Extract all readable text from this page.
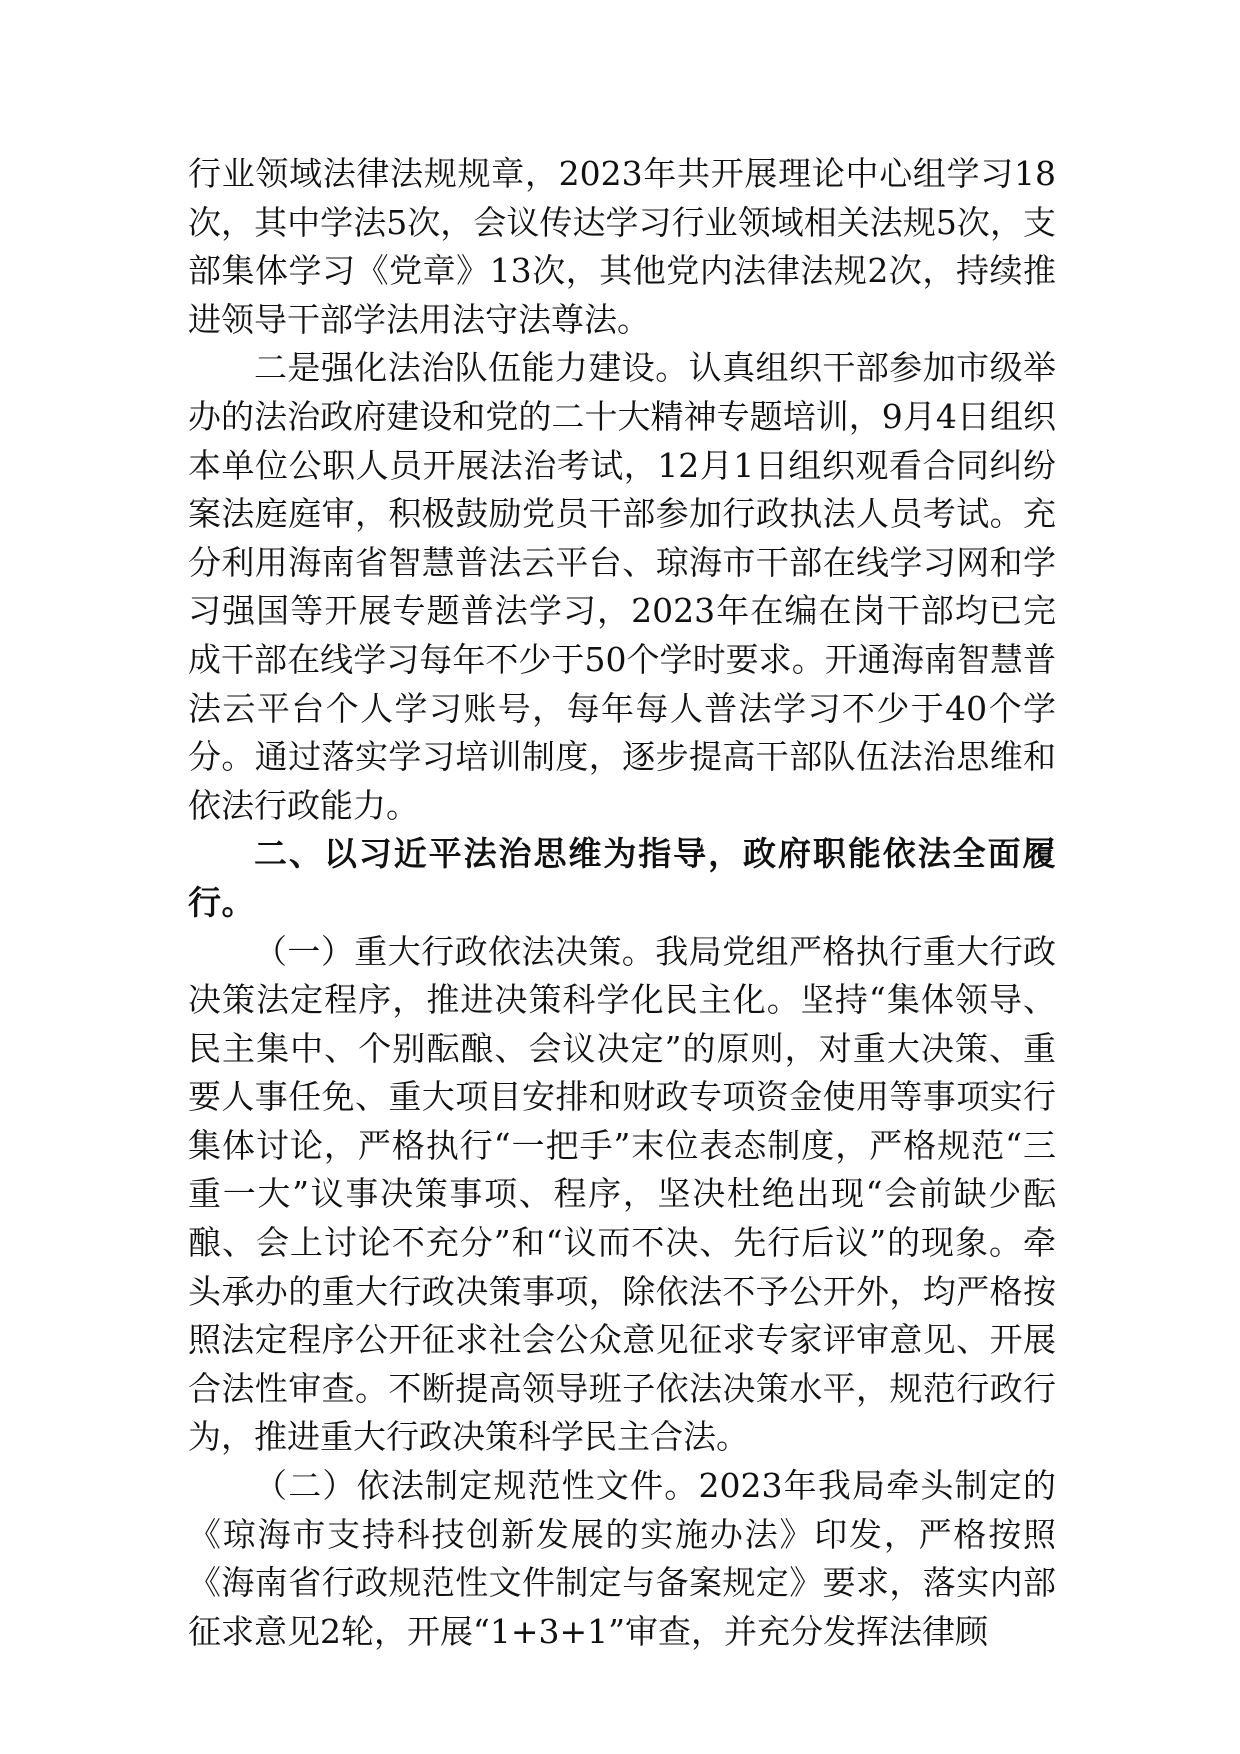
行业领域法律法规规章，2023年共开展理论中心组学习18次，其中学法5次，会议传达学习行业领域相关法规5次，支部集体学习《党章》13次，其他党内法律法规2次，持续推进领导干部学法用法守法尊法。

二是强化法治队伍能力建设。认真组织干部参加市级举办的法治政府建设和党的二十大精神专题培训，9月4日组织本单位公职人员开展法治考试，12月1日组织观看合同纠纷案法庭庭审，积极鼓励党员干部参加行政执法人员考试。充分利用海南省智慧普法云平台、琼海市干部在线学习网和学习强国等开展专题普法学习，2023年在编在岗干部均已完成干部在线学习每年不少于50个学时要求。开通海南智慧普法云平台个人学习账号，每年每人普法学习不少于40个学分。通过落实学习培训制度，逐步提高干部队伍法治思维和依法行政能力。

二、以习近平法治思维为指导，政府职能依法全面履行。

（一）重大行政依法决策。我局党组严格执行重大行政决策法定程序，推进决策科学化民主化。坚持“集体领导、民主集中、个别酝酿、会议决定”的原则，对重大决策、重要人事任免、重大项目安排和财政专项资金使用等事项实行集体讨论，严格执行“一把手”末位表态制度，严格规范“三重一大”议事决策事项、程序，坚决杜绝出现“会前缺少酝酿、会上讨论不充分”和“议而不决、先行后议”的现象。牵头承办的重大行政决策事项，除依法不予公开外，均严格按照法定程序公开征求社会公众意见征求专家评审意见、开展合法性审查。不断提高领导班子依法决策水平，规范行政行为，推进重大行政决策科学民主合法。

（二）依法制定规范性文件。2023年我局牵头制定的《琼海市支持科技创新发展的实施办法》印发，严格按照《海南省行政规范性文件制定与备案规定》要求，落实内部征求意见2轮，开展“1+3+1”审查，并充分发挥法律顾
